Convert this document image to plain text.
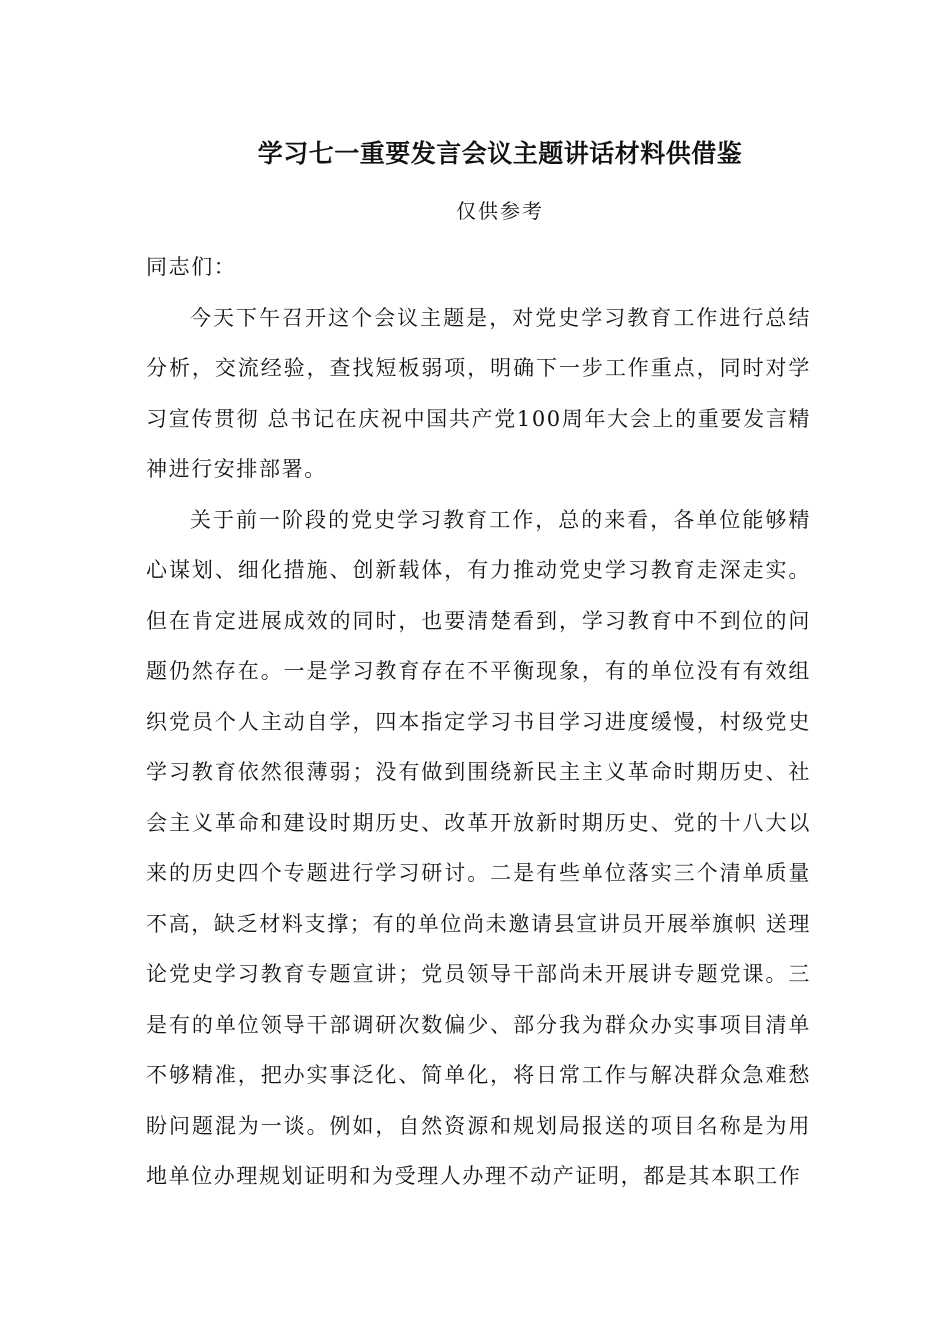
学习七一重要发言会议主题讲话材料供借鉴
仅供参考

同志们：

今天下午召开这个会议主题是，对党史学习教育工作进行总结分析，交流经验，查找短板弱项，明确下一步工作重点，同时对学习宣传贯彻 总书记在庆祝中国共产党100周年大会上的重要发言精神进行安排部署。

关于前一阶段的党史学习教育工作，总的来看，各单位能够精心谋划、细化措施、创新载体，有力推动党史学习教育走深走实。但在肯定进展成效的同时，也要清楚看到，学习教育中不到位的问题仍然存在。一是学习教育存在不平衡现象，有的单位没有有效组织党员个人主动自学，四本指定学习书目学习进度缓慢，村级党史学习教育依然很薄弱；没有做到围绕新民主主义革命时期历史、社会主义革命和建设时期历史、改革开放新时期历史、党的十八大以来的历史四个专题进行学习研讨。二是有些单位落实三个清单质量不高，缺乏材料支撑；有的单位尚未邀请县宣讲员开展举旗帜 送理论党史学习教育专题宣讲；党员领导干部尚未开展讲专题党课。三是有的单位领导干部调研次数偏少、部分我为群众办实事项目清单不够精准，把办实事泛化、简单化，将日常工作与解决群众急难愁盼问题混为一谈。例如，自然资源和规划局报送的项目名称是为用地单位办理规划证明和为受理人办理不动产证明，都是其本职工作
